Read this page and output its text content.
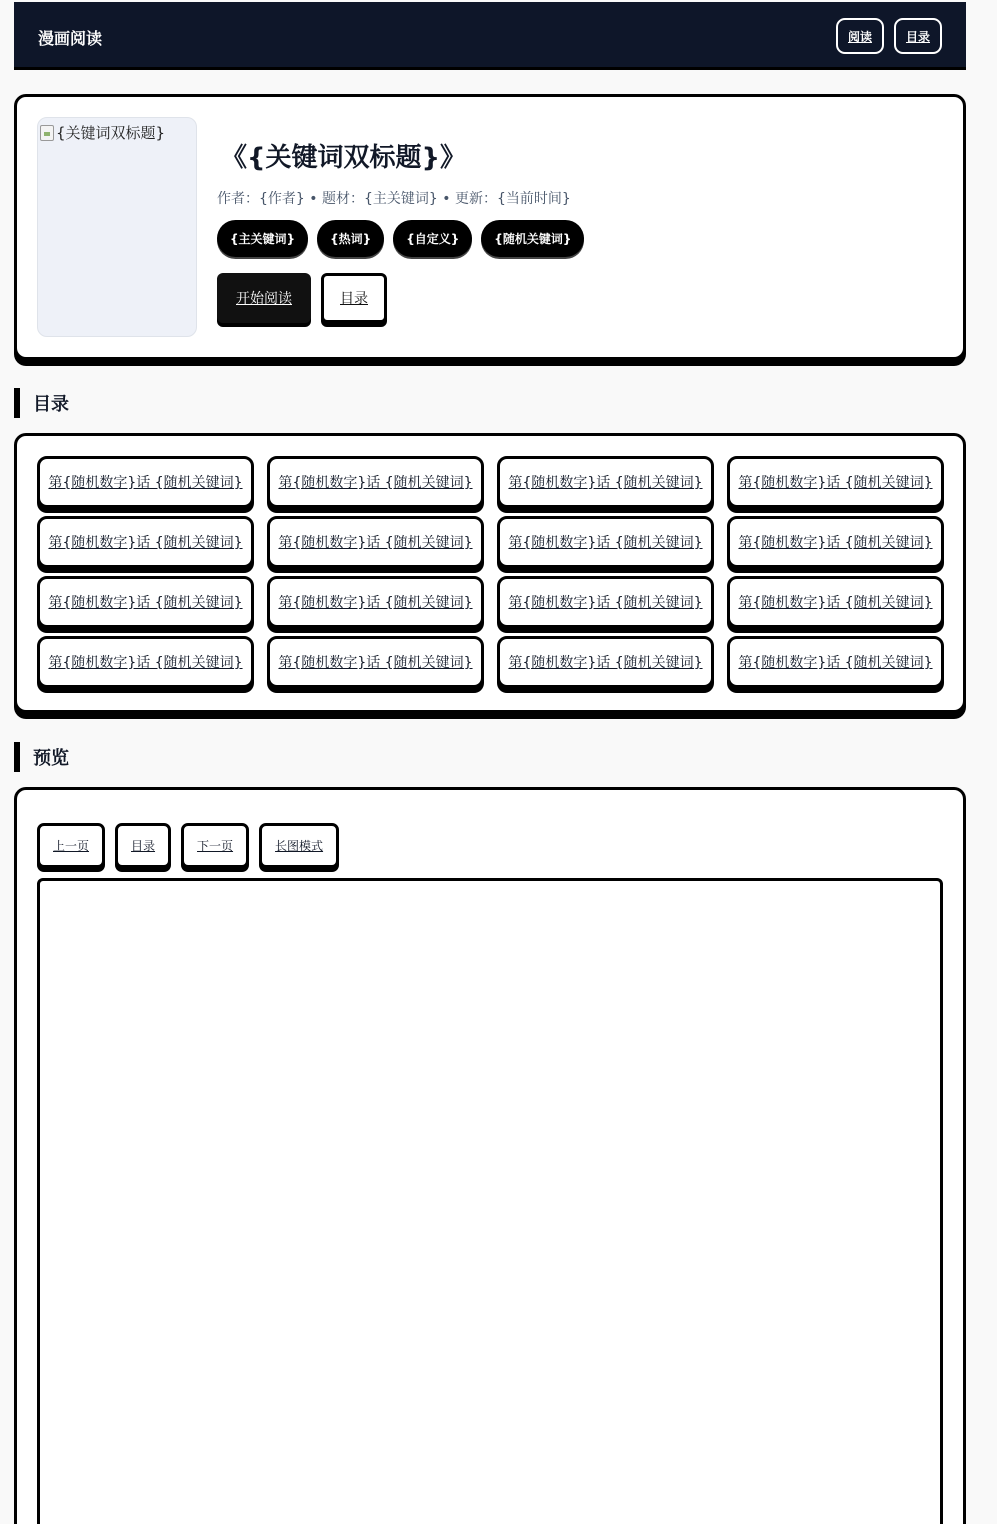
漫画阅读	阅读	目录
{关键词双标题}
《{关键词双标题}》
作者：{作者} • 题材：{主关键词} • 更新：{当前时间}
{主关键词}	{热词}	{自定义}	{随机关键词}
开始阅读	目录
目录
第{随机数字}话 {随机关键词}	第{随机数字}话 {随机关键词}	第{随机数字}话 {随机关键词}	第{随机数字}话 {随机关键词}
第{随机数字}话 {随机关键词}	第{随机数字}话 {随机关键词}	第{随机数字}话 {随机关键词}	第{随机数字}话 {随机关键词}
第{随机数字}话 {随机关键词}	第{随机数字}话 {随机关键词}	第{随机数字}话 {随机关键词}	第{随机数字}话 {随机关键词}
第{随机数字}话 {随机关键词}	第{随机数字}话 {随机关键词}	第{随机数字}话 {随机关键词}	第{随机数字}话 {随机关键词}
预览
上一页	目录	下一页	长图模式
